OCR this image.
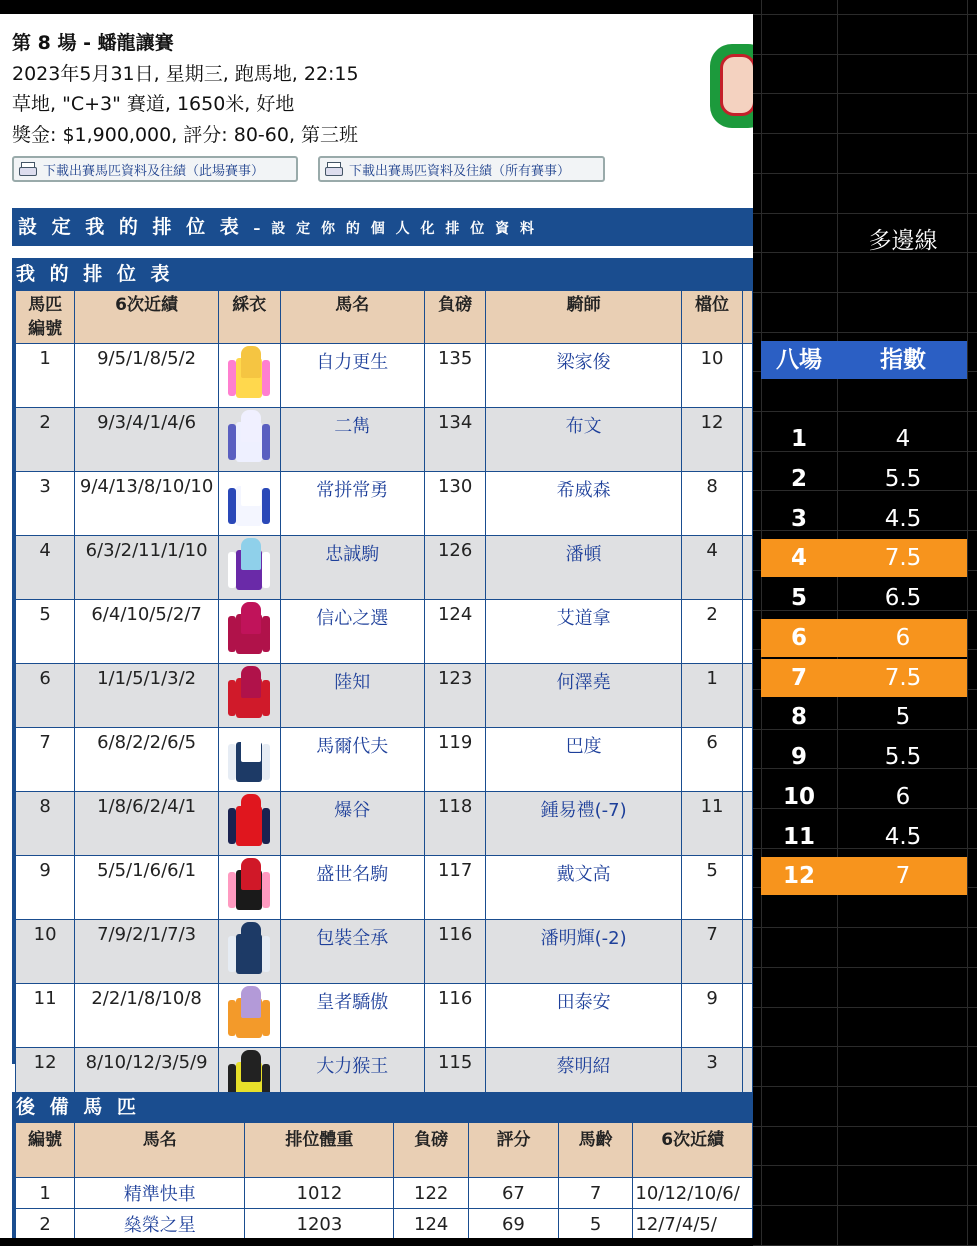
第 8 場 - 蟠龍讓賽
2023年5月31日, 星期三, 跑馬地, 22:15
草地, "C+3" 賽道, 1650米, 好地
獎金: $1,900,000, 評分: 80-60, 第三班
下載出賽馬匹資料及往績（此場賽事）	下載出賽馬匹資料及往績（所有賽事）
設 定 我 的 排 位 表 – 設 定 你 的 個 人 化 排 位 資 料
我 的 排 位 表
馬匹
編號	6次近績	綵衣	馬名	負磅	騎師	檔位	
1	9/5/1/8/5/2		自力更生	135	梁家俊	10	
2	9/3/4/1/4/6		二雋	134	布文	12	
3	9/4/13/8/10/10		常拼常勇	130	希威森	8	
4	6/3/2/11/1/10		忠誠駒	126	潘頓	4	
5	6/4/10/5/2/7		信心之選	124	艾道拿	2	
6	1/1/5/1/3/2		陸知	123	何澤堯	1	
7	6/8/2/2/6/5		馬爾代夫	119	巴度	6	
8	1/8/6/2/4/1		爆谷	118	鍾易禮(-7)	11	
9	5/5/1/6/6/1		盛世名駒	117	戴文高	5	
10	7/9/2/1/7/3		包裝全承	116	潘明輝(-2)	7	
11	2/2/1/8/10/8		皇者驕傲	116	田泰安	9	
12	8/10/12/3/5/9		大力猴王	115	蔡明紹	3	
後 備 馬 匹
編號	馬名	排位體重	負磅	評分	馬齡	6次近績
1	精準快車	1012	122	67	7	10/12/10/6/
2	燊榮之星	1203	124	69	5	12/7/4/5/
多邊線
八場	指數
1	4
2	5.5
3	4.5
4	7.5
5	6.5
6	6
7	7.5
8	5
9	5.5
10	6
11	4.5
12	7
